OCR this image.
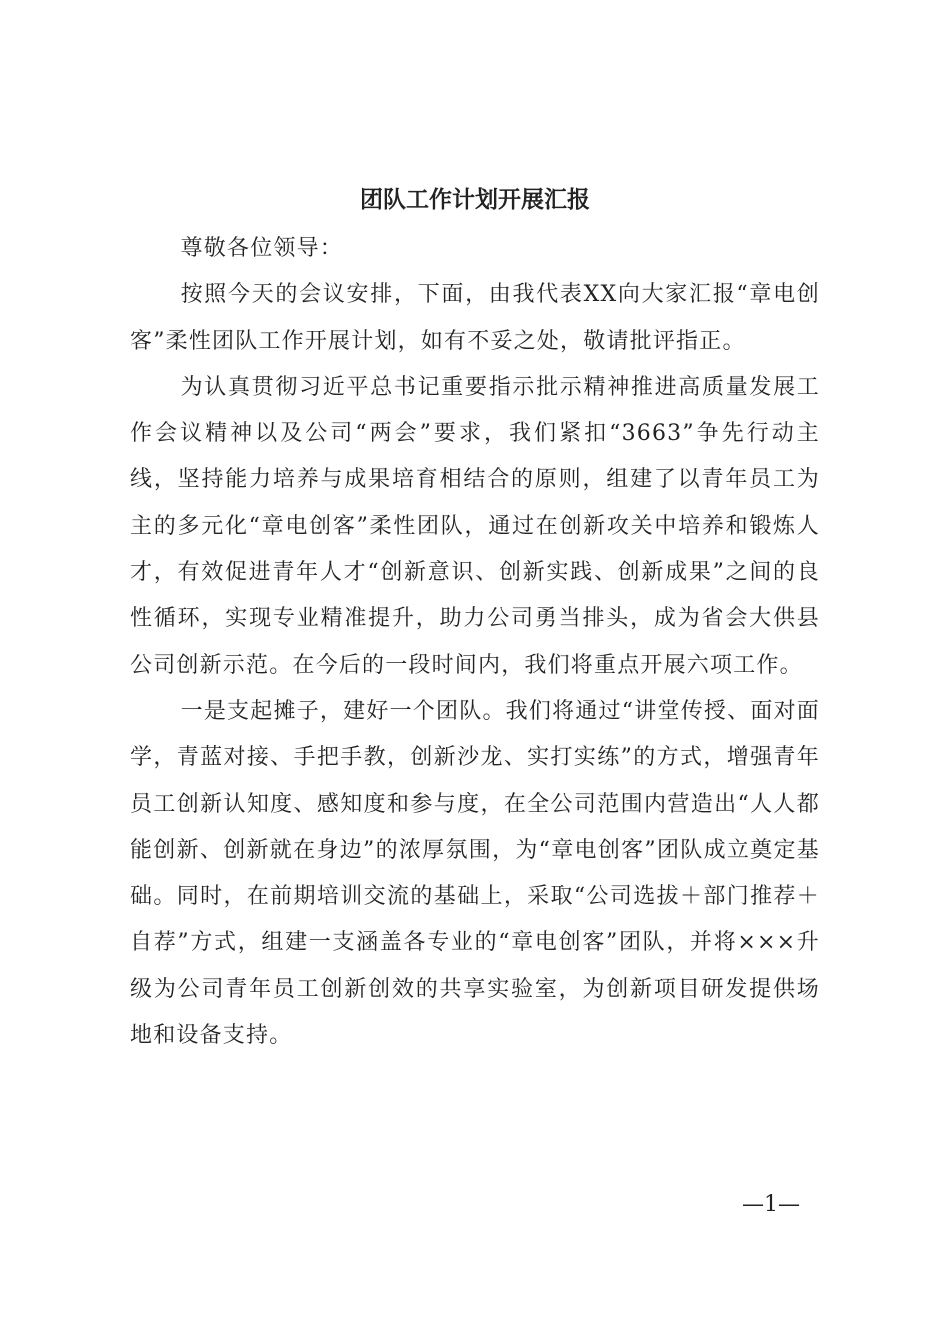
团队工作计划开展汇报

尊敬各位领导：

按照今天的会议安排，下面，由我代表XX向大家汇报“章电创客”柔性团队工作开展计划，如有不妥之处，敬请批评指正。

为认真贯彻习近平总书记重要指示批示精神推进高质量发展工作会议精神以及公司“两会”要求，我们紧扣“3663”争先行动主线，坚持能力培养与成果培育相结合的原则，组建了以青年员工为主的多元化“章电创客”柔性团队，通过在创新攻关中培养和锻炼人才，有效促进青年人才“创新意识、创新实践、创新成果”之间的良性循环，实现专业精准提升，助力公司勇当排头，成为省会大供县公司创新示范。在今后的一段时间内，我们将重点开展六项工作。

一是支起摊子，建好一个团队。我们将通过“讲堂传授、面对面学，青蓝对接、手把手教，创新沙龙、实打实练”的方式，增强青年员工创新认知度、感知度和参与度，在全公司范围内营造出“人人都能创新、创新就在身边”的浓厚氛围，为“章电创客”团队成立奠定基础。同时，在前期培训交流的基础上，采取“公司选拔＋部门推荐＋自荐”方式，组建一支涵盖各专业的“章电创客”团队，并将×××升级为公司青年员工创新创效的共享实验室，为创新项目研发提供场地和设备支持。

—1—
